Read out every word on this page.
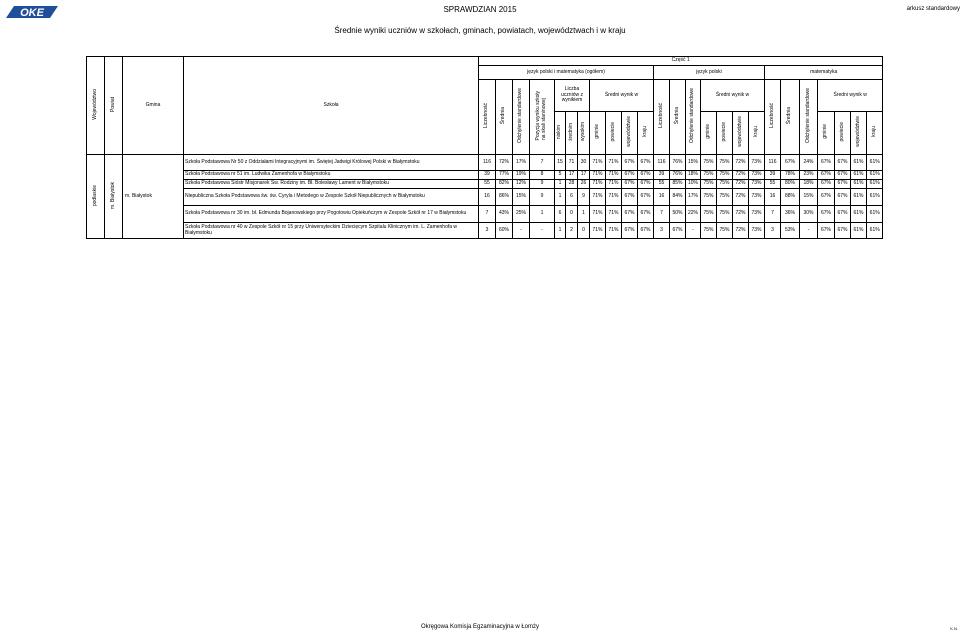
OKE	SPRAWDZIAN 2015	arkusz standardowy
Średnie wyniki uczniów w szkołach, gminach, powiatach, województwach i w kraju
Województwo	Powiat	Gmina	Szkoła	Część 1																								
				język polski i matematyka (ogółem)											język polski							matematyka						
				Liczebność	Średnia	Odchylenie standardowe	Pozycja wyniku szkołyna skali staninowej	Liczba uczniów z wynikiem			Średni wynik w				Liczebność	Średnia	Odchylenie standardowe	Średni wynik w				Liczebność	Średnia	Odchylenie standardowe	Średni wynik w			
								niskim	średnim	wysokim	gminie	powiecie	województwie	kraju				gminie	powiecie	województwie	kraju				gminie	powiecie	województwie	kraju
podlaskie	m. Białystok	m. Białystok	Szkoła Podstawowa Nr 50 z Oddziałami Integracyjnymi im. Świętej Jadwigi Królowej Polski w Białymstoku	116	72%	17%	7	15	71	30	71%	71%	67%	67%	116	76%	15%	75%	75%	72%	73%	116	67%	24%	67%	67%	61%	61%
			Szkoła Podstawowa nr 51 im. Ludwika Zamenhofa w Białymstoku	39	77%	19%	8	5	17	17	71%	71%	67%	67%	39	76%	18%	75%	75%	72%	73%	39	78%	23%	67%	67%	61%	61%
			Szkoła Podstawowa Sióstr Misjonarek Św. Rodziny im. Bł. Bolesławy Lament w Białymstoku	55	82%	12%	9	1	28	26	71%	71%	67%	67%	55	85%	10%	75%	75%	72%	73%	55	80%	18%	67%	67%	61%	61%
			Niepubliczna Szkoła Podstawowa św. św. Cyryla i Metodego w Zespole Szkół Niepublicznych w Białymstoku	16	86%	15%	9	1	6	9	71%	71%	67%	67%	16	84%	17%	75%	75%	72%	73%	16	88%	15%	67%	67%	61%	61%
			Szkoła Podstawowa nr 30 im. bł. Edmunda Bojanowskiego przy Pogotowiu Opiekuńczym w Zespole Szkół nr 17 w Białymstoku	7	43%	25%	1	6	0	1	71%	71%	67%	67%	7	50%	22%	75%	75%	72%	73%	7	36%	30%	67%	67%	61%	61%
			Szkoła Podstawowa nr 40 w Zespole Szkół nr 15 przy Uniwersyteckim Dziecięcym Szpitalu Klinicznym im. L. Zamenhofa w Białymstoku	3	60%	-	-	1	2	0	71%	71%	67%	67%	3	67%	-	75%	75%	72%	73%	3	53%	-	67%	67%	61%	61%
Okręgowa Komisja Egzaminacyjna w Łomży	K.N.
